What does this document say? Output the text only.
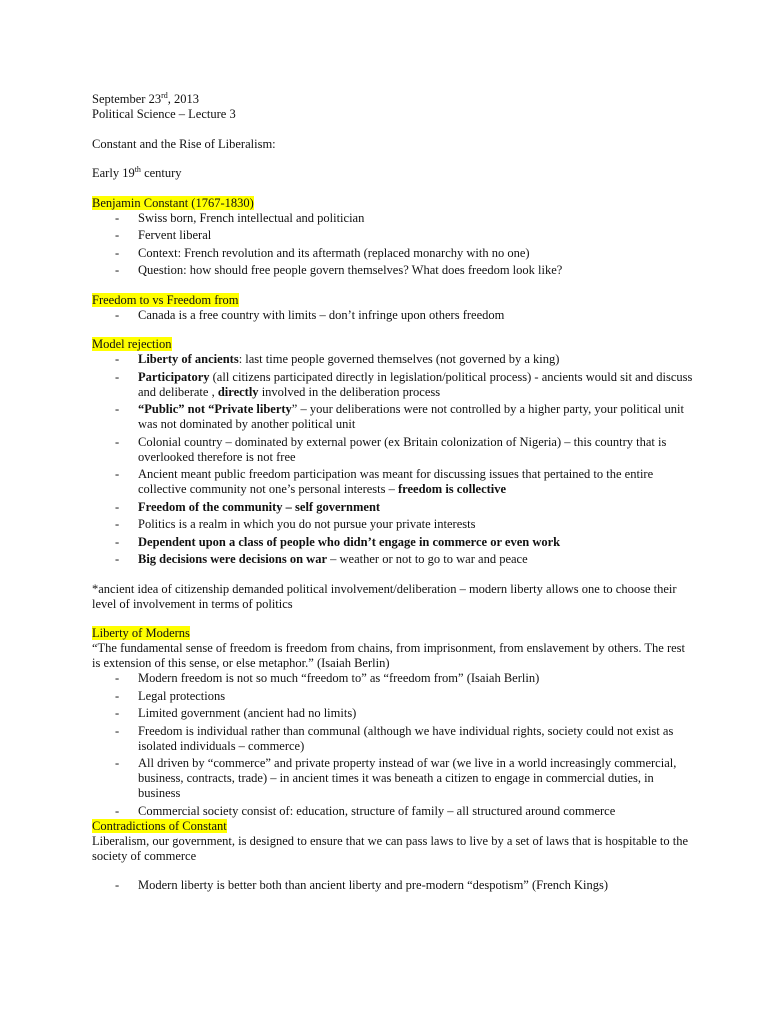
September 23rd, 2013

Political Science – Lecture 3

Constant and the Rise of Liberalism:

Early 19th century

Benjamin Constant (1767-1830)

- Swiss born, French intellectual and politician
- Fervent liberal
- Context: French revolution and its aftermath (replaced monarchy with no one)
- Question: how should free people govern themselves? What does freedom look like?

Freedom to vs Freedom from

- Canada is a free country with limits – don’t infringe upon others freedom

Model rejection

- Liberty of ancients: last time people governed themselves (not governed by a king)
- Participatory (all citizens participated directly in legislation/political process) - ancients would sit and discuss and deliberate , directly involved in the deliberation process
- “Public” not “Private liberty” – your deliberations were not controlled by a higher party, your political unit was not dominated by another political unit
- Colonial country – dominated by external power (ex Britain colonization of Nigeria) – this country that is overlooked therefore is not free
- Ancient meant public freedom participation was meant for discussing issues that pertained to the entire collective community not one’s personal interests – freedom is collective
- Freedom of the community – self government
- Politics is a realm in which you do not pursue your private interests
- Dependent upon a class of people who didn’t engage in commerce or even work
- Big decisions were decisions on war – weather or not to go to war and peace

*ancient idea of citizenship demanded political involvement/deliberation – modern liberty allows one to choose their level of involvement in terms of politics

Liberty of Moderns

“The fundamental sense of freedom is freedom from chains, from imprisonment, from enslavement by others. The rest is extension of this sense, or else metaphor.” (Isaiah Berlin)

- Modern freedom is not so much “freedom to” as “freedom from” (Isaiah Berlin)
- Legal protections
- Limited government (ancient had no limits)
- Freedom is individual rather than communal (although we have individual rights, society could not exist as isolated individuals – commerce)
- All driven by “commerce” and private property instead of war (we live in a world increasingly commercial, business, contracts, trade) – in ancient times it was beneath a citizen to engage in commercial duties, in business
- Commercial society consist of: education, structure of family – all structured around commerce

Contradictions of Constant

Liberalism, our government, is designed to ensure that we can pass laws to live by a set of laws that is hospitable to the society of commerce

- Modern liberty is better both than ancient liberty and pre-modern “despotism” (French Kings)
